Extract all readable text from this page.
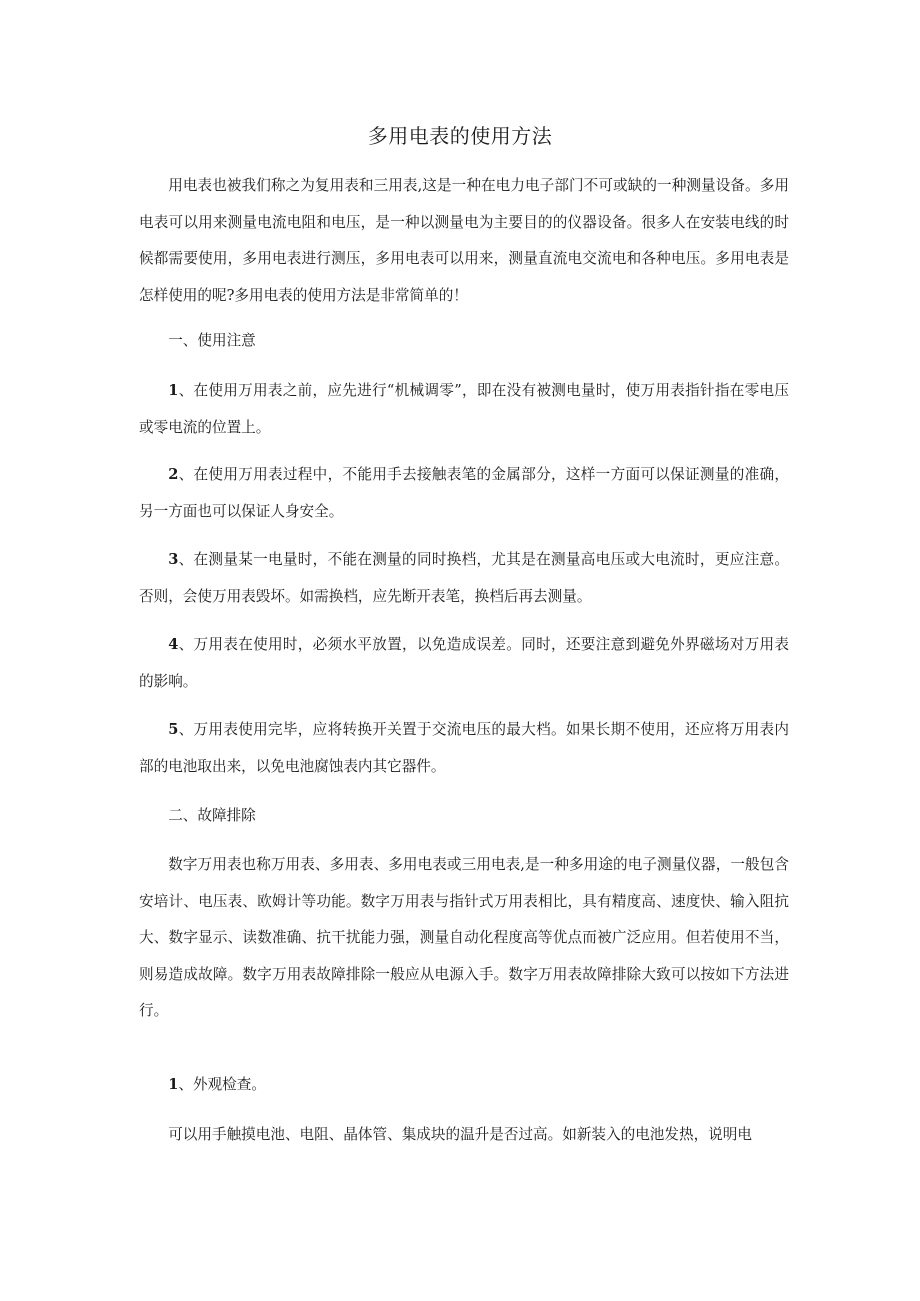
多用电表的使用方法
用电表也被我们称之为复用表和三用表,这是一种在电力电子部门不可或缺的一种测量设备。多用电表可以用来测量电流电阻和电压，是一种以测量电为主要目的的仪器设备。很多人在安装电线的时候都需要使用，多用电表进行测压，多用电表可以用来，测量直流电交流电和各种电压。多用电表是怎样使用的呢?多用电表的使用方法是非常简单的！
一、使用注意
1、在使用万用表之前，应先进行“机械调零”，即在没有被测电量时，使万用表指针指在零电压或零电流的位置上。
2、在使用万用表过程中，不能用手去接触表笔的金属部分，这样一方面可以保证测量的准确，另一方面也可以保证人身安全。
3、在测量某一电量时，不能在测量的同时换档，尤其是在测量高电压或大电流时，更应注意。否则，会使万用表毁坏。如需换档，应先断开表笔，换档后再去测量。
4、万用表在使用时，必须水平放置，以免造成误差。同时，还要注意到避免外界磁场对万用表的影响。
5、万用表使用完毕，应将转换开关置于交流电压的最大档。如果长期不使用，还应将万用表内部的电池取出来，以免电池腐蚀表内其它器件。
二、故障排除
数字万用表也称万用表、多用表、多用电表或三用电表,是一种多用途的电子测量仪器，一般包含安培计、电压表、欧姆计等功能。数字万用表与指针式万用表相比，具有精度高、速度快、输入阻抗大、数字显示、读数准确、抗干扰能力强，测量自动化程度高等优点而被广泛应用。但若使用不当，则易造成故障。数字万用表故障排除一般应从电源入手。数字万用表故障排除大致可以按如下方法进行。
1、外观检查。
可以用手触摸电池、电阻、晶体管、集成块的温升是否过高。如新装入的电池发热，说明电
